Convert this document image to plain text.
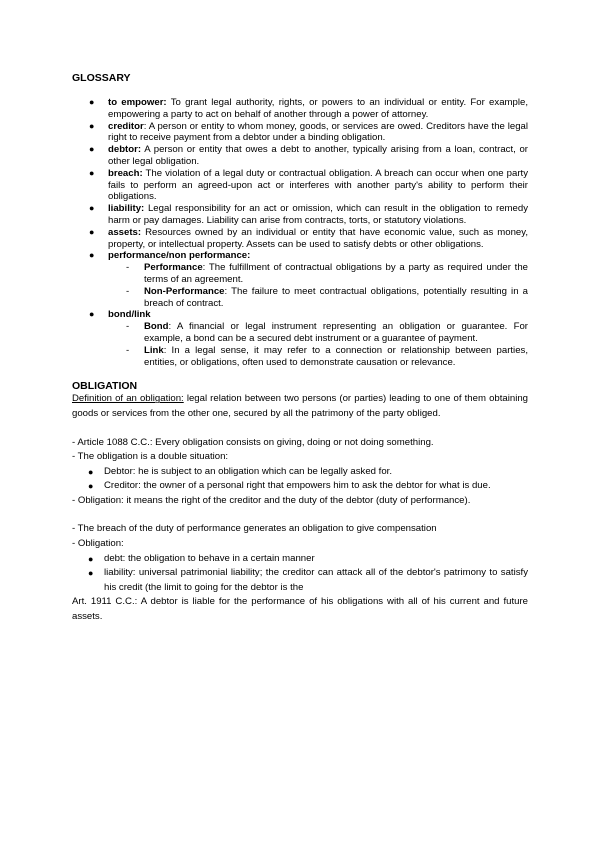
GLOSSARY

● to empower: To grant legal authority, rights, or powers to an individual or entity. For example, empowering a party to act on behalf of another through a power of attorney.
● creditor: A person or entity to whom money, goods, or services are owed. Creditors have the legal right to receive payment from a debtor under a binding obligation.
● debtor: A person or entity that owes a debt to another, typically arising from a loan, contract, or other legal obligation.
● breach: The violation of a legal duty or contractual obligation. A breach can occur when one party fails to perform an agreed-upon act or interferes with another party's ability to perform their obligations.
● liability: Legal responsibility for an act or omission, which can result in the obligation to remedy harm or pay damages. Liability can arise from contracts, torts, or statutory violations.
● assets: Resources owned by an individual or entity that have economic value, such as money, property, or intellectual property. Assets can be used to satisfy debts or other obligations.
● performance/non performance:
- Performance: The fulfillment of contractual obligations by a party as required under the terms of an agreement.
- Non-Performance: The failure to meet contractual obligations, potentially resulting in a breach of contract.
● bond/link
- Bond: A financial or legal instrument representing an obligation or guarantee. For example, a bond can be a secured debt instrument or a guarantee of payment.
- Link: In a legal sense, it may refer to a connection or relationship between parties, entities, or obligations, often used to demonstrate causation or relevance.

OBLIGATION

Definition of an obligation: legal relation between two persons (or parties) leading to one of them obtaining goods or services from the other one, secured by all the patrimony of the party obliged.

- Article 1088 C.C.: Every obligation consists on giving, doing or not doing something.

- The obligation is a double situation:

● Debtor: he is subject to an obligation which can be legally asked for.
● Creditor: the owner of a personal right that empowers him to ask the debtor for what is due.

- Obligation: it means the right of the creditor and the duty of the debtor (duty of performance).

- The breach of the duty of performance generates an obligation to give compensation

- Obligation:

● debt: the obligation to behave in a certain manner
● liability: universal patrimonial liability; the creditor can attack all of the debtor's patrimony to satisfy his credit (the limit to going for the debtor is the

Art. 1911 C.C.: A debtor is liable for the performance of his obligations with all of his current and future assets.
